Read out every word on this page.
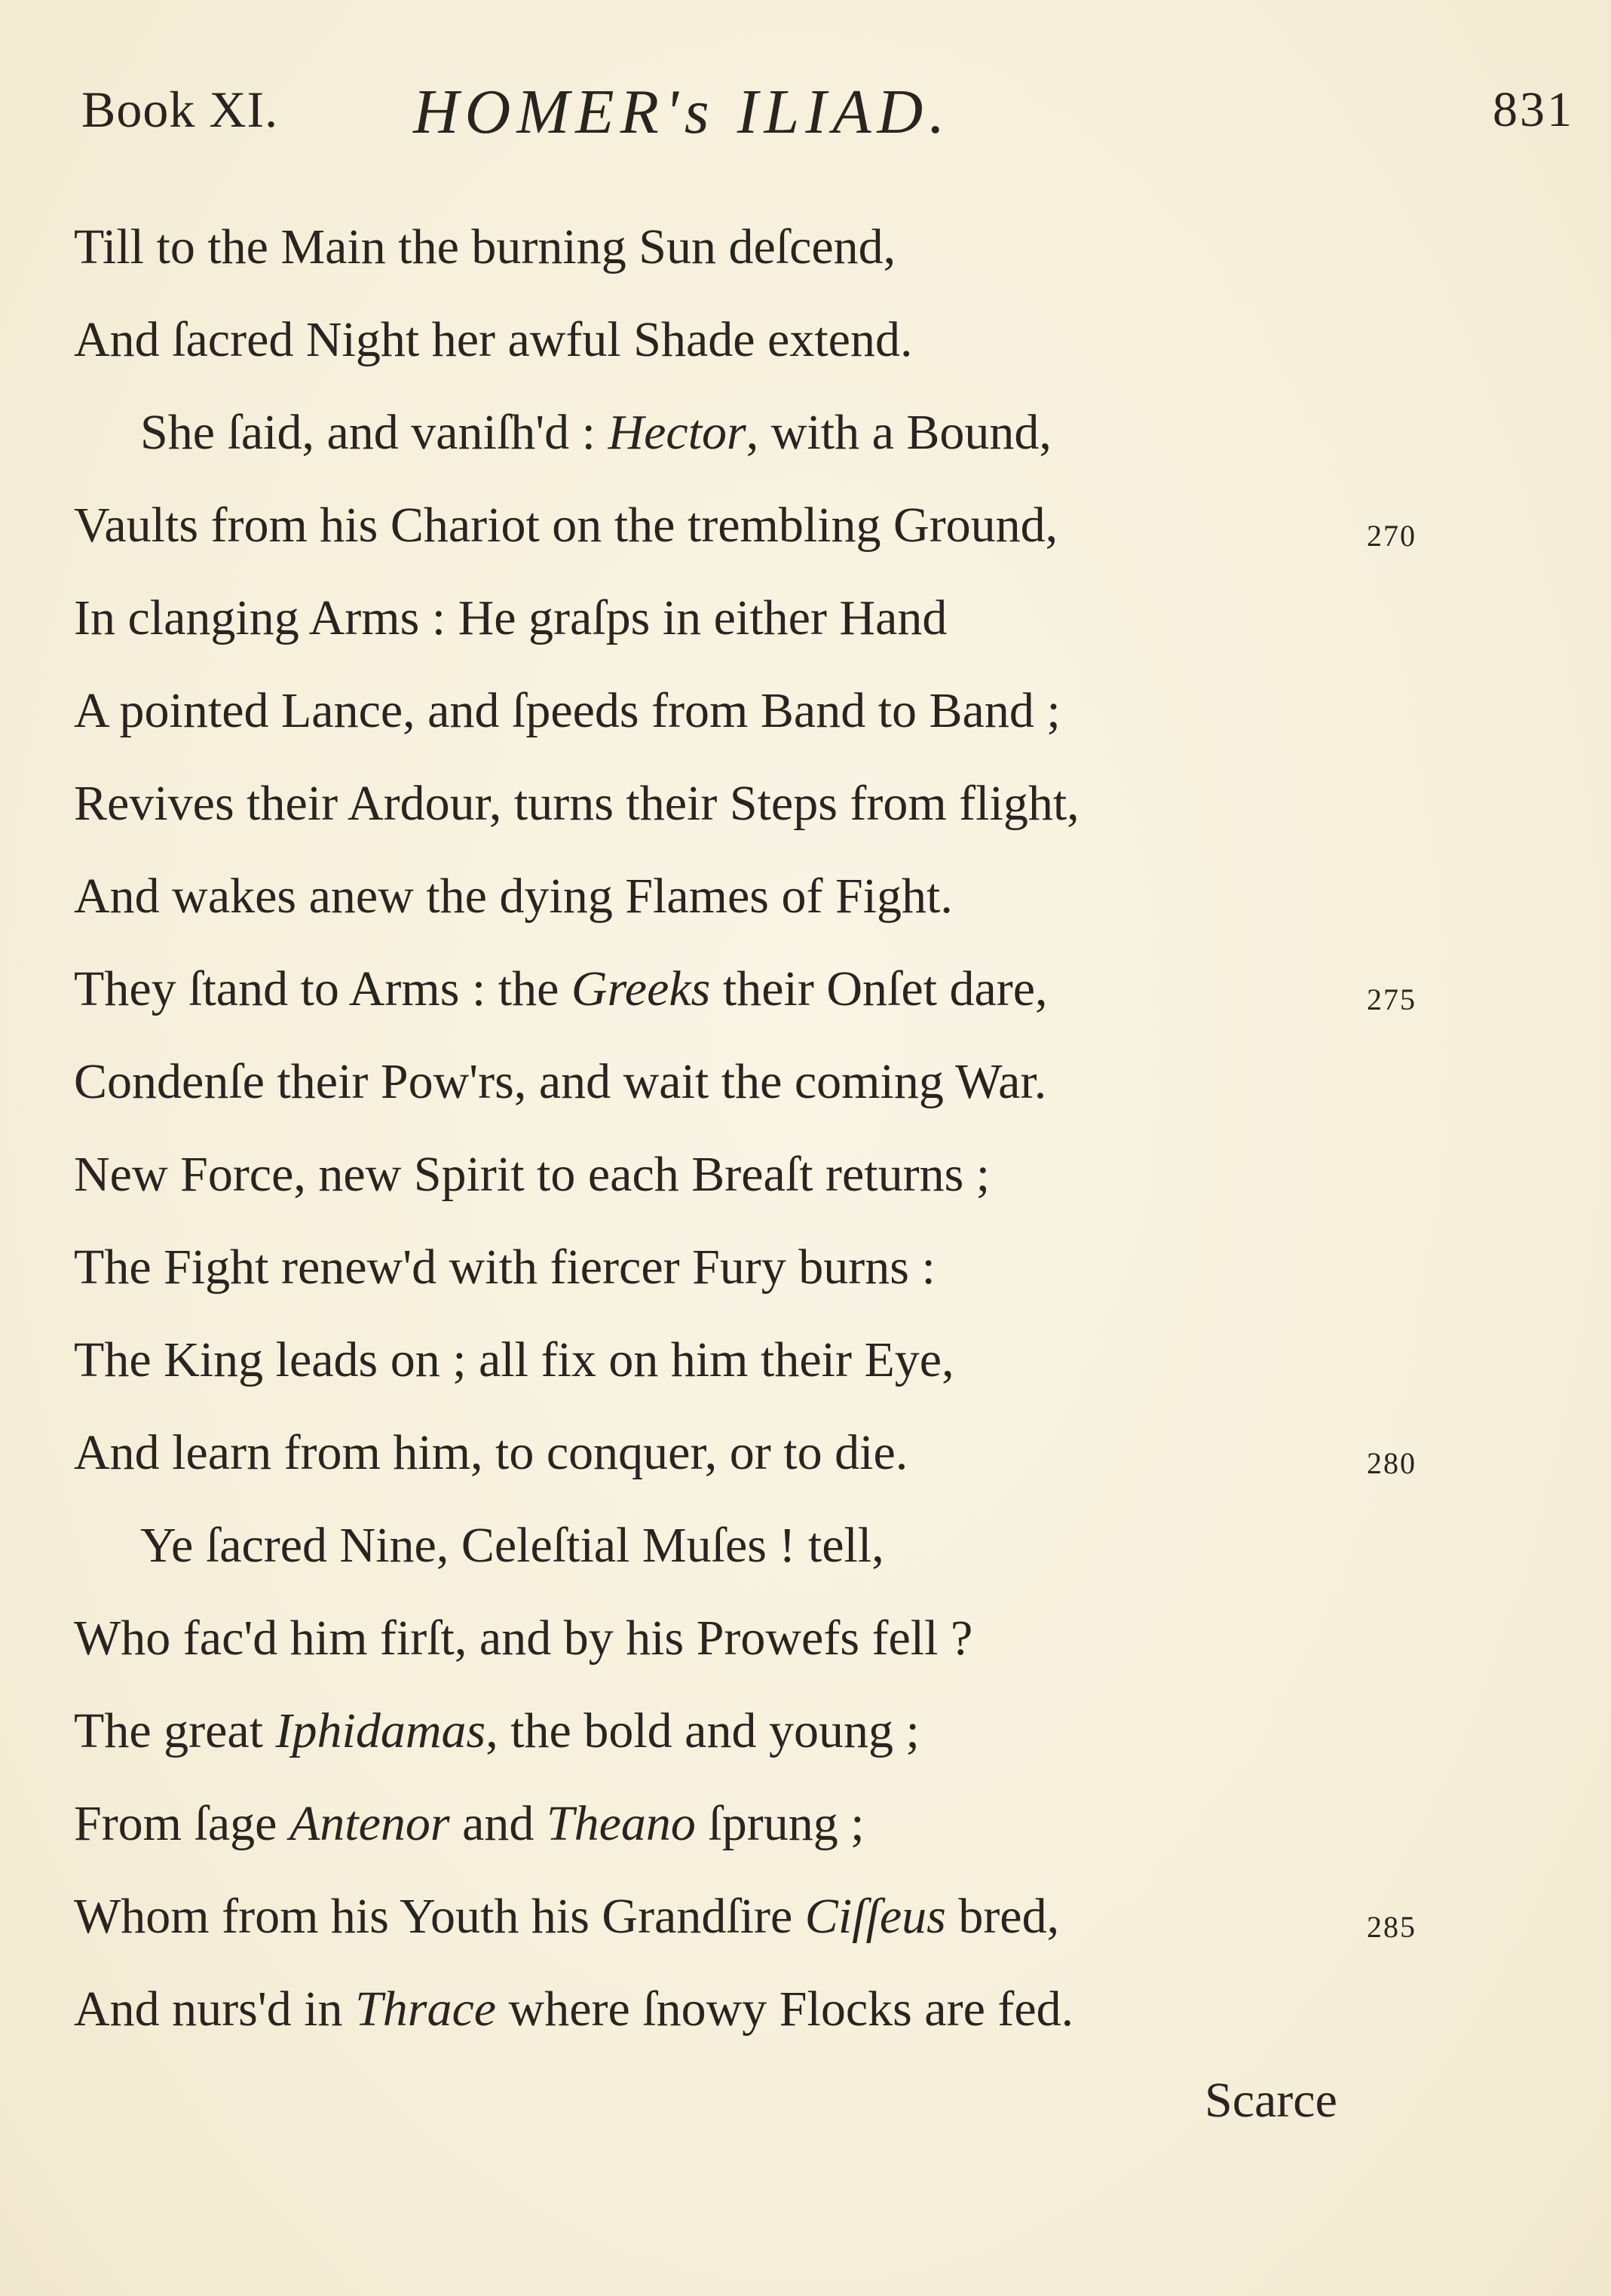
Book XI. HOMER's ILIAD.	831
Till to the Main the burning Sun deſcend,
And ſacred Night her awful Shade extend.
She ſaid, and vaniſh'd : Hector, with a Bound,
Vaults from his Chariot on the trembling Ground,	270
In clanging Arms : He graſps in either Hand
A pointed Lance, and ſpeeds from Band to Band ;
Revives their Ardour, turns their Steps from flight,
And wakes anew the dying Flames of Fight.
They ſtand to Arms : the Greeks their Onſet dare,	275
Condenſe their Pow'rs, and wait the coming War.
New Force, new Spirit to each Breaſt returns ;
The Fight renew'd with fiercer Fury burns :
The King leads on ; all fix on him their Eye,
And learn from him, to conquer, or to die.	280
Ye ſacred Nine, Celeſtial Muſes ! tell,
Who fac'd him firſt, and by his Prowefs fell ?
The great Iphidamas, the bold and young ;
From ſage Antenor and Theano ſprung ;
Whom from his Youth his Grandſire Ciſſeus bred,	285
And nurs'd in Thrace where ſnowy Flocks are fed.
Scarce
